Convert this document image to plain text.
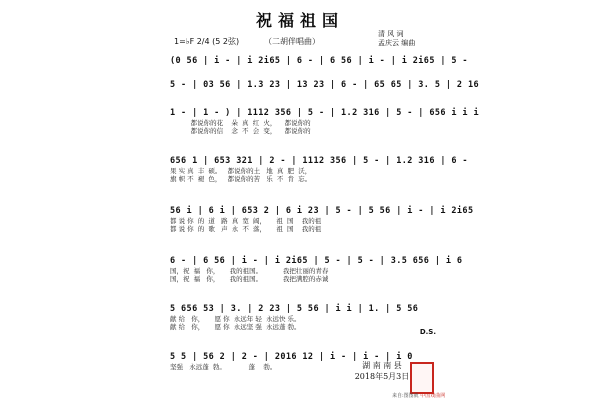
祝福祖国
1=♭F 2/4 (5 2弦)	（二胡伴唱曲）
清 风 词
孟庆云 编曲
(0 56 | i - | i 2i65 | 6 - | 6 56 | i - | i 2i65 | 5 -
5 - | 03 56 | 1.3 23 | 13 23 | 6 - | 65 65 | 3. 5 | 2 16
1 - | 1 - ) | 1112 356 | 5 - | 1.2 316 | 5 - | 656 i i i
都说你的花    朵  真  红  火，    都说你的
都说你的信    念  不  会  变，    都说你的
656 1 | 653 321 | 2 - | 1112 356 | 5 - | 1.2 316 | 6 -
果 实 真  丰  硕。   都说你的土   地  真  肥  沃，
旗 帜 不  褪  色，   都说你的苦   乐  不  肯  忘。
56 i | 6 i | 653 2 | 6 i 23 | 5 - | 5 56 | i - | i 2i65
都 说 你  的  道   路  真  宽  阔，     祖  国    我的祖
都 说 你  的  歌   声  永  不  落，     祖  国    我的祖
6 - | 6 56 | i - | i 2i65 | 5 - | 5 - | 3.5 656 | i 6
国，祝  福   你，     我的祖国。          我把壮丽的青春
国，祝  福   你，     我的祖国。          我把满腔的赤诚
5 656 53 | 3. | 2 23 | 5 56 | i i | 1. | 5 56
献 给   你，     愿 你  永远年 轻  永远快 乐。
献 给   你，     愿 你  永远坚 强  永远蓬 勃。
D.S.
5 5 | 56 2 | 2 - | 2016 12 | i - | i - | i 0
坚强   永远蓬  勃。           蓬    勃。	湖 南 南 县
2018年5月3日
来自:图图就 中国戏曲网
